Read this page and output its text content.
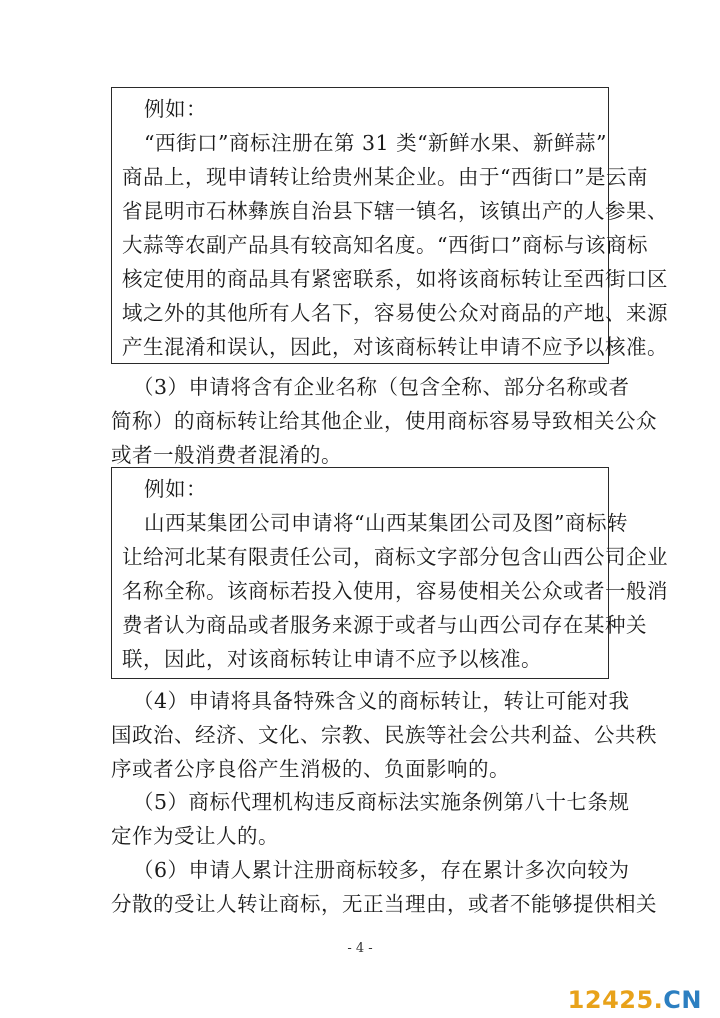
例如：
“西街口”商标注册在第 31 类“新鲜水果、新鲜蒜”
商品上，现申请转让给贵州某企业。由于“西街口”是云南
省昆明市石林彝族自治县下辖一镇名，该镇出产的人参果、
大蒜等农副产品具有较高知名度。“西街口”商标与该商标
核定使用的商品具有紧密联系，如将该商标转让至西街口区
域之外的其他所有人名下，容易使公众对商品的产地、来源
产生混淆和误认，因此，对该商标转让申请不应予以核准。
（3）申请将含有企业名称（包含全称、部分名称或者
简称）的商标转让给其他企业，使用商标容易导致相关公众
或者一般消费者混淆的。
例如：
山西某集团公司申请将“山西某集团公司及图”商标转
让给河北某有限责任公司，商标文字部分包含山西公司企业
名称全称。该商标若投入使用，容易使相关公众或者一般消
费者认为商品或者服务来源于或者与山西公司存在某种关
联，因此，对该商标转让申请不应予以核准。
（4）申请将具备特殊含义的商标转让，转让可能对我
国政治、经济、文化、宗教、民族等社会公共利益、公共秩
序或者公序良俗产生消极的、负面影响的。
（5）商标代理机构违反商标法实施条例第八十七条规
定作为受让人的。
（6）申请人累计注册商标较多，存在累计多次向较为
分散的受让人转让商标，无正当理由，或者不能够提供相关
- 4 -
12425.CN
